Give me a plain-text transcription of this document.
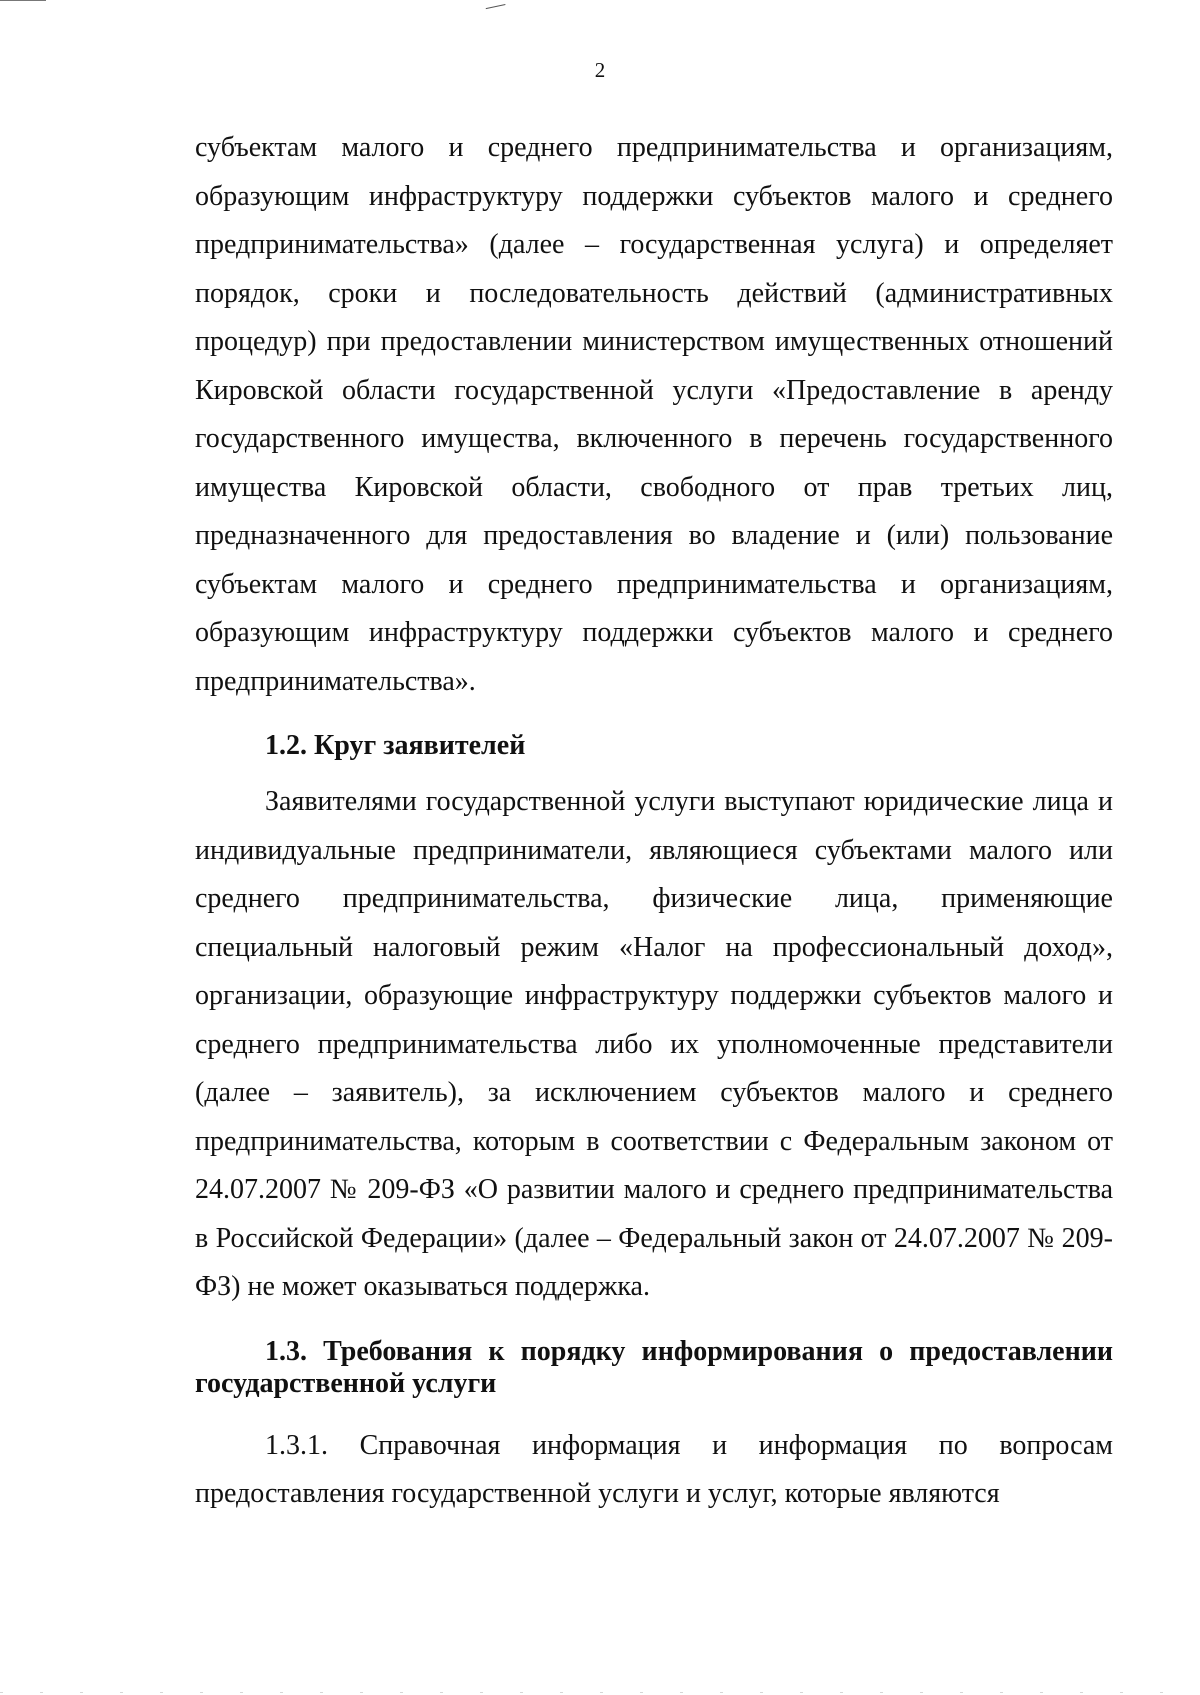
2

субъектам малого и среднего предпринимательства и организациям, образующим инфраструктуру поддержки субъектов малого и среднего предпринимательства» (далее – государственная услуга) и определяет порядок, сроки и последовательность действий (административных процедур) при предоставлении министерством имущественных отношений Кировской области государственной услуги «Предоставление в аренду государственного имущества, включенного в перечень государственного имущества Кировской области, свободного от прав третьих лиц, предназначенного для предоставления во владение и (или) пользование субъектам малого и среднего предпринимательства и организациям, образующим инфраструктуру поддержки субъектов малого и среднего предпринимательства».

1.2. Круг заявителей

Заявителями государственной услуги выступают юридические лица и индивидуальные предприниматели, являющиеся субъектами малого или среднего предпринимательства, физические лица, применяющие специальный налоговый режим «Налог на профессиональный доход», организации, образующие инфраструктуру поддержки субъектов малого и среднего предпринимательства либо их уполномоченные представители (далее – заявитель), за исключением субъектов малого и среднего предпринимательства, которым в соответствии с Федеральным законом от 24.07.2007 № 209-ФЗ «О развитии малого и среднего предпринимательства в Российской Федерации» (далее – Федеральный закон от 24.07.2007 № 209-ФЗ) не может оказываться поддержка.

1.3. Требования к порядку информирования о предоставлении государственной услуги

1.3.1. Справочная информация и информация по вопросам предоставления государственной услуги и услуг, которые являются
